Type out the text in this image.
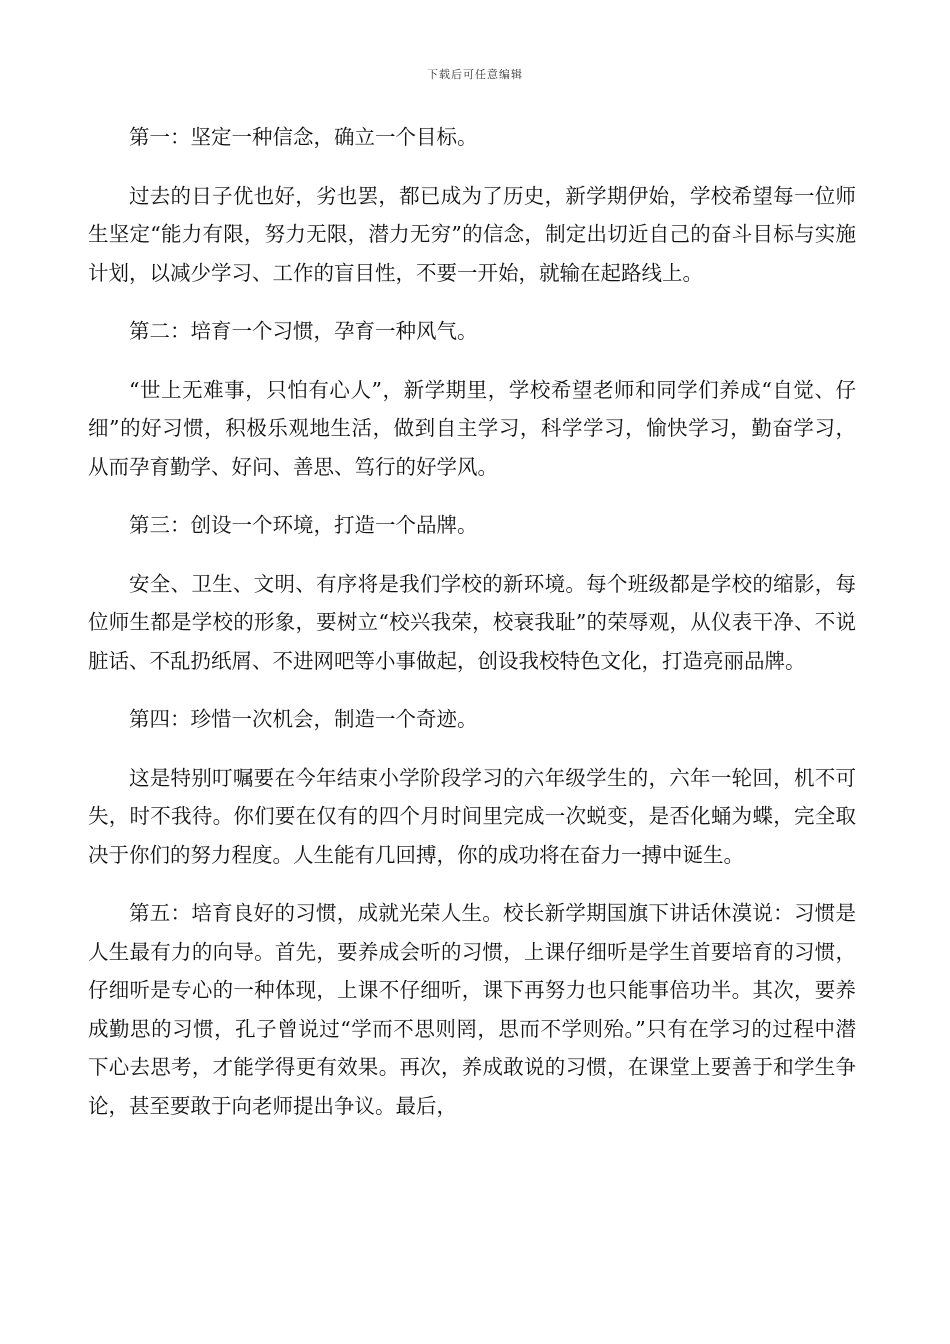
下载后可任意编辑

第一：坚定一种信念，确立一个目标。

过去的日子优也好，劣也罢，都已成为了历史，新学期伊始，学校希望每一位师生坚定“能力有限，努力无限，潜力无穷”的信念，制定出切近自己的奋斗目标与实施计划，以减少学习、工作的盲目性，不要一开始，就输在起路线上。

第二：培育一个习惯，孕育一种风气。

“世上无难事，只怕有心人”，新学期里，学校希望老师和同学们养成“自觉、仔细”的好习惯，积极乐观地生活，做到自主学习，科学学习，愉快学习，勤奋学习，从而孕育勤学、好问、善思、笃行的好学风。

第三：创设一个环境，打造一个品牌。

安全、卫生、文明、有序将是我们学校的新环境。每个班级都是学校的缩影，每位师生都是学校的形象，要树立“校兴我荣，校衰我耻”的荣辱观，从仪表干净、不说脏话、不乱扔纸屑、不进网吧等小事做起，创设我校特色文化，打造亮丽品牌。

第四：珍惜一次机会，制造一个奇迹。

这是特别叮嘱要在今年结束小学阶段学习的六年级学生的，六年一轮回，机不可失，时不我待。你们要在仅有的四个月时间里完成一次蜕变，是否化蛹为蝶，完全取决于你们的努力程度。人生能有几回搏，你的成功将在奋力一搏中诞生。

第五：培育良好的习惯，成就光荣人生。校长新学期国旗下讲话休漠说：习惯是人生最有力的向导。首先，要养成会听的习惯，上课仔细听是学生首要培育的习惯，仔细听是专心的一种体现，上课不仔细听，课下再努力也只能事倍功半。其次，要养成勤思的习惯，孔子曾说过“学而不思则罔，思而不学则殆。”只有在学习的过程中潜下心去思考，才能学得更有效果。再次，养成敢说的习惯，在课堂上要善于和学生争论，甚至要敢于向老师提出争议。最后，
